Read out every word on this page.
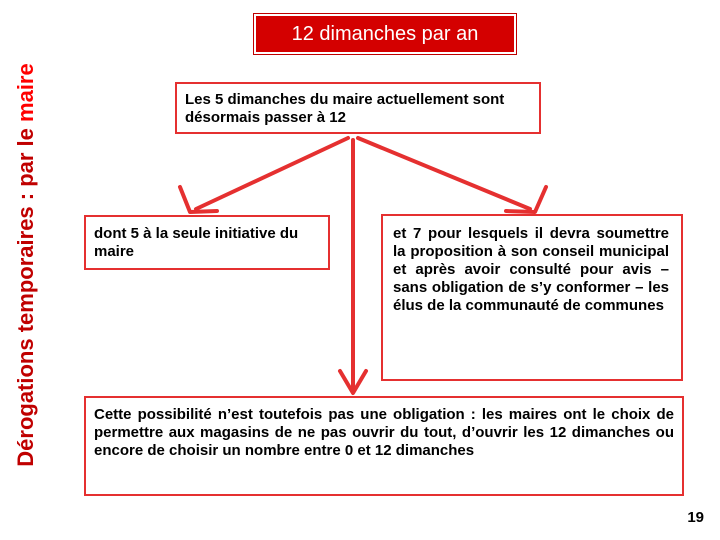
Dérogations temporaires : par le maire
12 dimanches par an
Les 5 dimanches du maire actuellement sont désormais passer à 12
dont 5 à la seule initiative du maire
et 7 pour lesquels il devra soumettre la proposition à son conseil municipal et après avoir consulté pour avis – sans obligation de s’y conformer – les élus de la communauté de communes
Cette possibilité n’est toutefois pas une obligation : les maires ont le choix de permettre aux magasins de ne pas ouvrir du tout, d’ouvrir les 12 dimanches ou encore de choisir un nombre entre 0 et 12 dimanches
19
